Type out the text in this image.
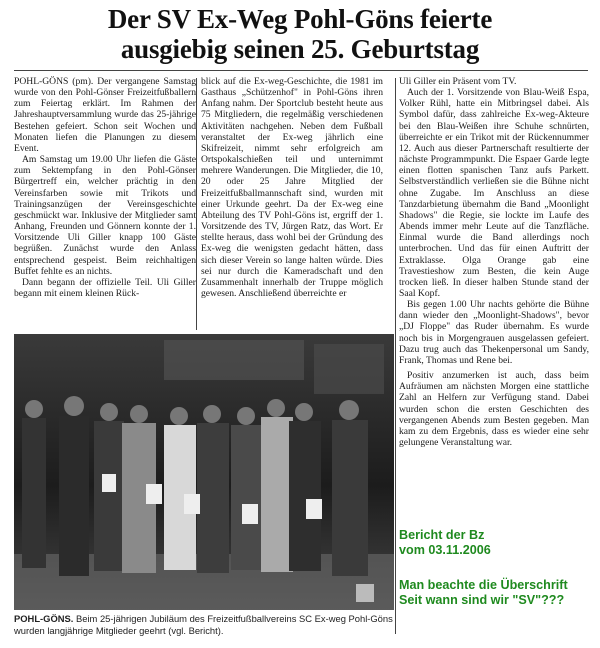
Der SV Ex-Weg Pohl-Göns feierte
ausgiebig seinen 25. Geburtstag

POHL-GÖNS (pm). Der vergangene Samstag wurde von den Pohl-Gönser Freizeitfußballern zum Feiertag erklärt. Im Rahmen der Jahreshauptversammlung wurde das 25-jährige Bestehen gefeiert. Schon seit Wochen und Monaten liefen die Planungen zu diesem Event.

Am Samstag um 19.00 Uhr liefen die Gäste zum Sektempfang in den Pohl-Gönser Bürgertreff ein, welcher prächtig in den Vereinsfarben sowie mit Trikots und Trainingsanzügen der Vereinsgeschichte geschmückt war. Inklusive der Mitglieder samt Anhang, Freunden und Gönnern konnte der 1. Vorsitzende Uli Giller knapp 100 Gäste begrüßen. Zunächst wurde den Anlass entsprechend gespeist. Beim reichhaltigen Buffet fehlte es an nichts.

Dann begann der offizielle Teil. Uli Giller begann mit einem kleinen Rück-

blick auf die Ex-weg-Geschichte, die 1981 im Gasthaus „Schützenhof" in Pohl-Göns ihren Anfang nahm. Der Sportclub besteht heute aus 75 Mitgliedern, die regelmäßig verschiedenen Aktivitäten nachgehen. Neben dem Fußball veranstaltet der Ex-weg jährlich eine Skifreizeit, nimmt sehr erfolgreich am Ortspokalschießen teil und unternimmt mehrere Wanderungen. Die Mitglieder, die 10, 20 oder 25 Jahre Mitglied der Freizeitfußballmannschaft sind, wurden mit einer Urkunde geehrt. Da der Ex-weg eine Abteilung des TV Pohl-Göns ist, ergriff der 1. Vorsitzende des TV, Jürgen Ratz, das Wort. Er stellte heraus, dass wohl bei der Gründung des Ex-weg die wenigsten gedacht hätten, dass sich dieser Verein so lange halten würde. Dies sei nur durch die Kameradschaft und den Zusammenhalt innerhalb der Truppe möglich gewesen. Anschließend überreichte er

Uli Giller ein Präsent vom TV.

Auch der 1. Vorsitzende von Blau-Weiß Espa, Volker Rühl, hatte ein Mitbringsel dabei. Als Symbol dafür, dass zahlreiche Ex-weg-Akteure bei den Blau-Weißen ihre Schuhe schnürten, überreichte er ein Trikot mit der Rückennummer 12. Auch aus dieser Partnerschaft resultierte der nächste Programmpunkt. Die Espaer Garde legte einen flotten spanischen Tanz aufs Parkett. Selbstverständlich verließen sie die Bühne nicht ohne Zugabe. Im Anschluss an diese Tanzdarbietung übernahm die Band „Moonlight Shadows" die Regie, sie lockte im Laufe des Abends immer mehr Leute auf die Tanzfläche. Einmal wurde die Band allerdings noch unterbrochen. Und das für einen Auftritt der Extraklasse. Olga Orange gab eine Travestieshow zum Besten, die kein Auge trocken ließ. In dieser halben Stunde stand der Saal Kopf.

Bis gegen 1.00 Uhr nachts gehörte die Bühne dann wieder den „Moonlight-Shadows", bevor „DJ Floppe" das Ruder übernahm. Es wurde noch bis in Morgengrauen ausgelassen gefeiert. Dazu trug auch das Thekenpersonal um Sandy, Frank, Thomas und Rene bei.

Positiv anzumerken ist auch, dass beim Aufräumen am nächsten Morgen eine stattliche Zahl an Helfern zur Verfügung stand. Dabei wurden schon die ersten Geschichten des vergangenen Abends zum Besten gegeben. Man kam zu dem Ergebnis, dass es wieder eine sehr gelungene Veranstaltung war.

POHL-GÖNS. Beim 25-jährigen Jubiläum des Freizeitfußballvereins SC Ex-weg Pohl-Göns wurden langjährige Mitglieder geehrt (vgl. Bericht).
Bericht der Bz
vom 03.11.2006
Man beachte die Überschrift
Seit wann sind wir "SV"???
